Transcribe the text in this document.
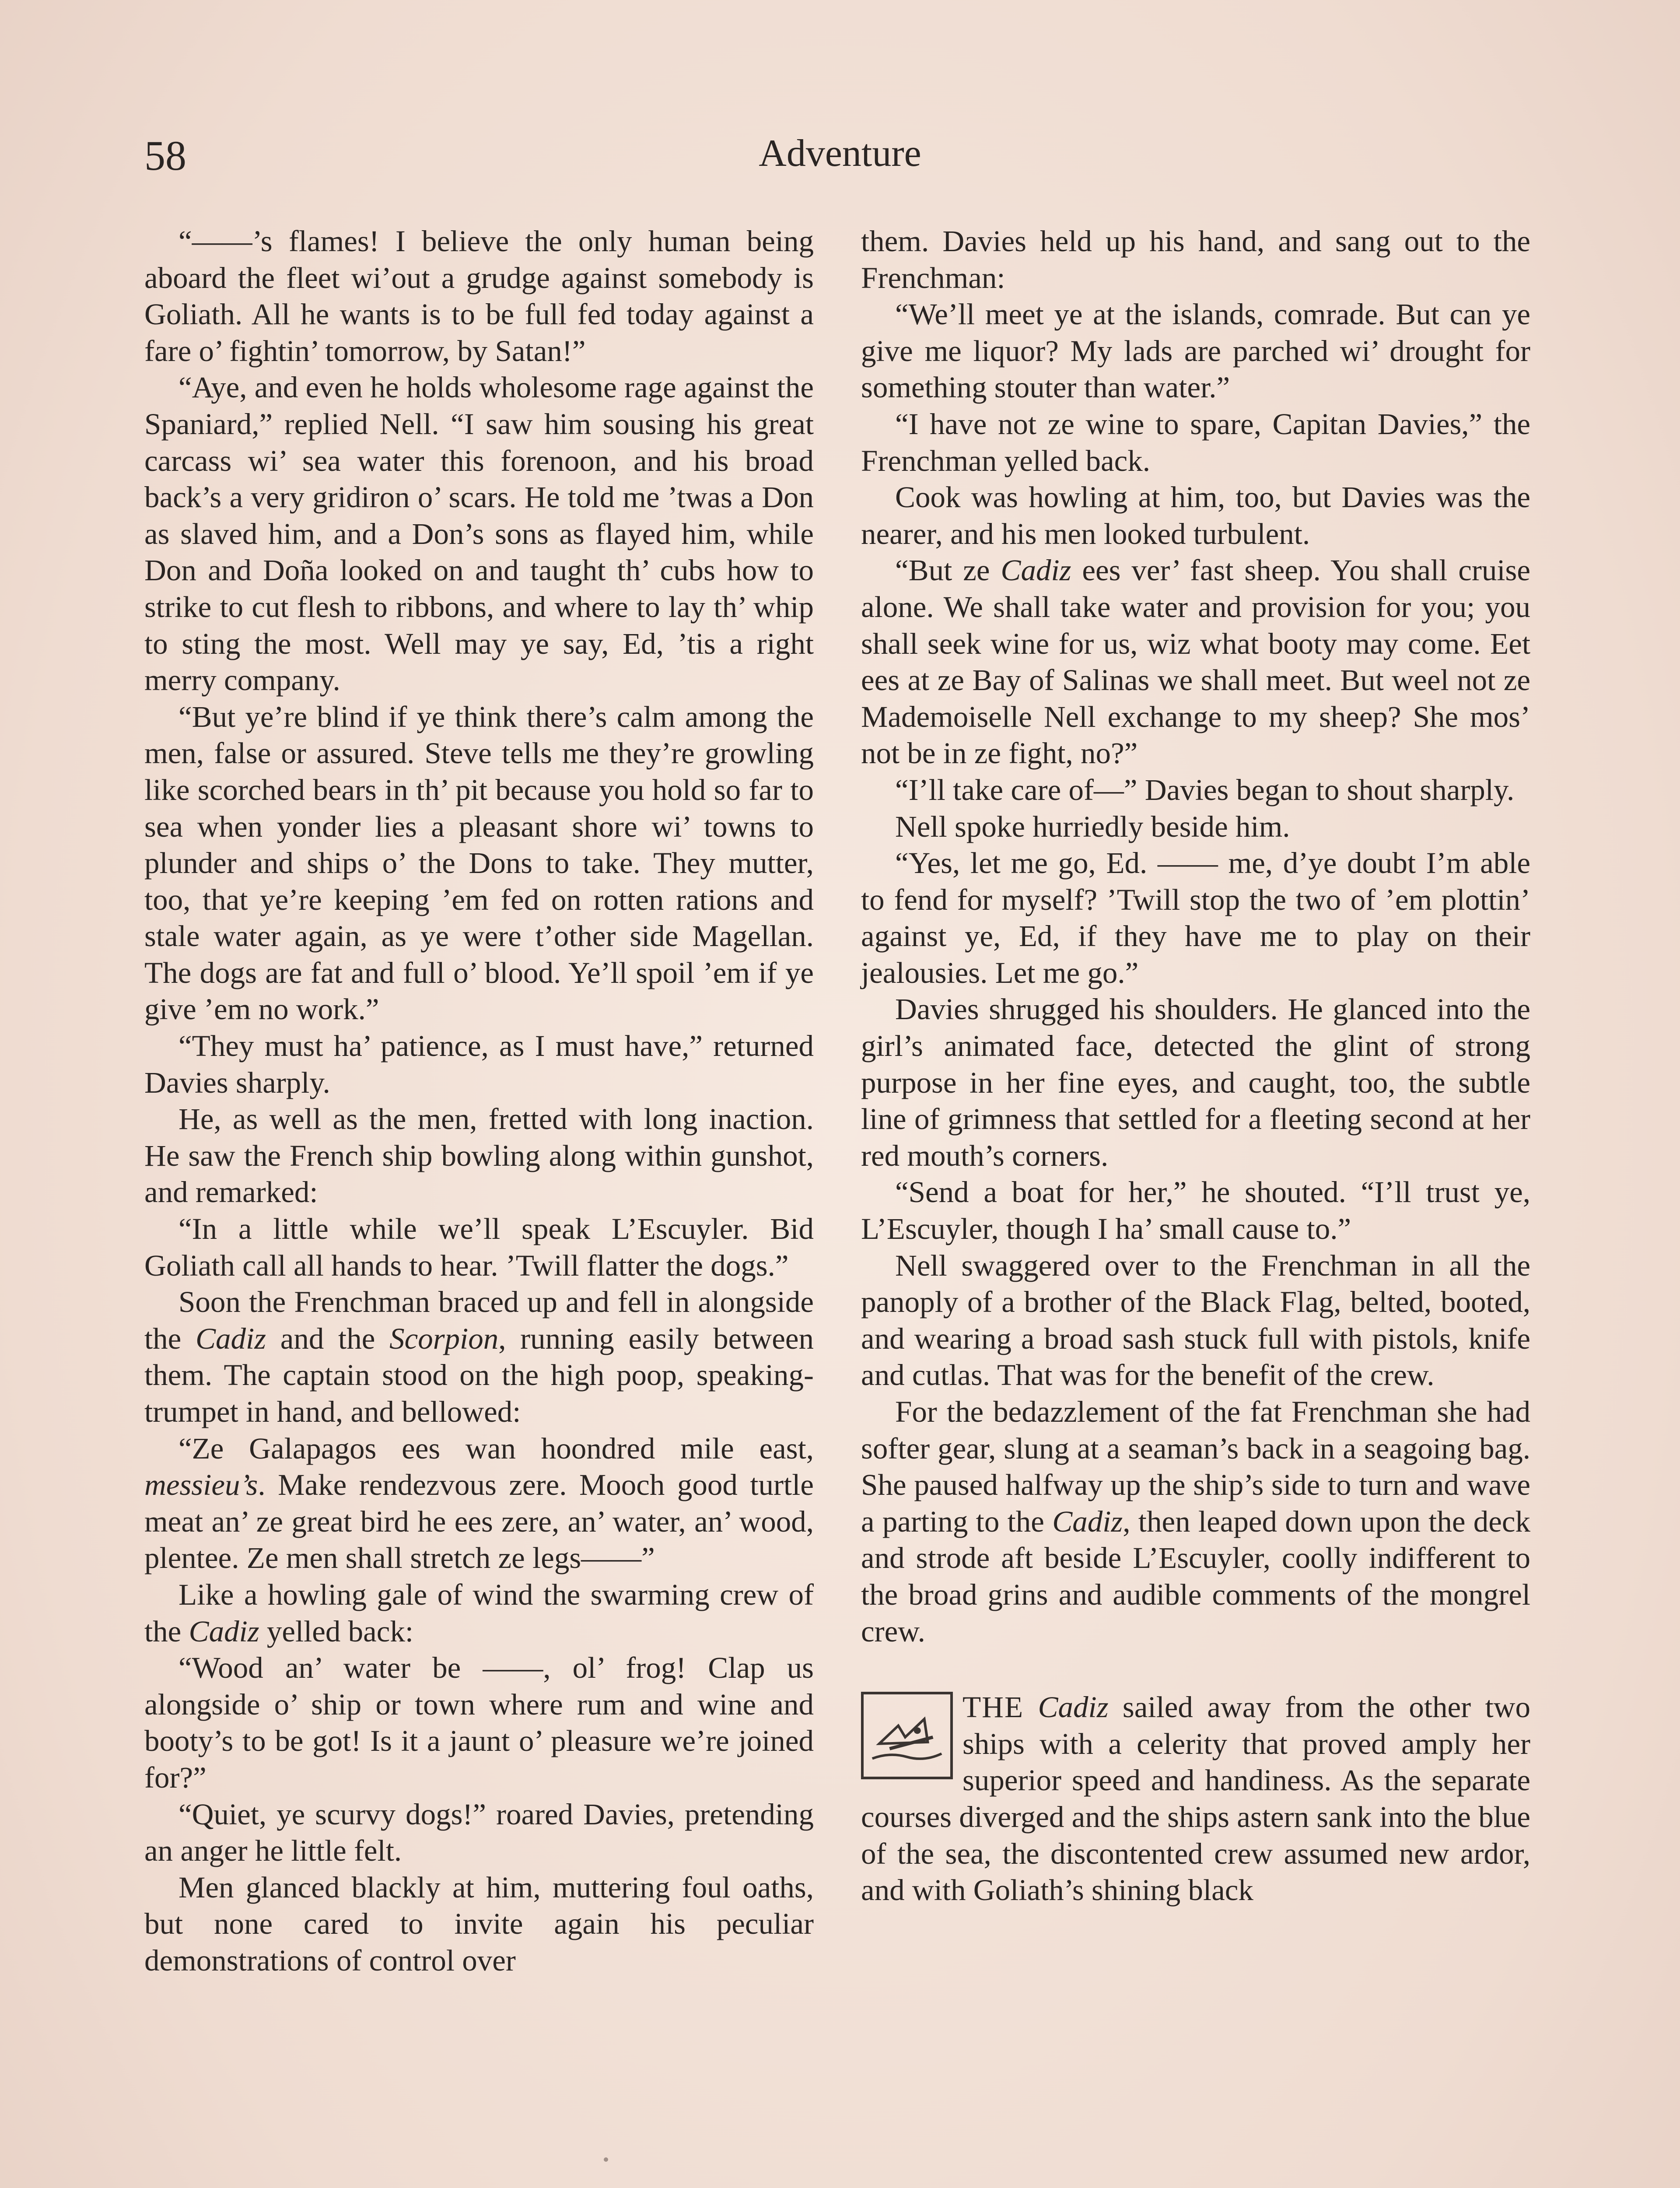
58	Adventure

“——’s flames! I believe the only human being aboard the fleet wi’out a grudge against somebody is Goliath. All he wants is to be full fed today against a fare o’ fightin’ tomorrow, by Satan!”

“Aye, and even he holds wholesome rage against the Spaniard,” replied Nell. “I saw him sousing his great carcass wi’ sea water this forenoon, and his broad back’s a very gridiron o’ scars. He told me ’twas a Don as slaved him, and a Don’s sons as flayed him, while Don and Doña looked on and taught th’ cubs how to strike to cut flesh to ribbons, and where to lay th’ whip to sting the most. Well may ye say, Ed, ’tis a right merry company.

“But ye’re blind if ye think there’s calm among the men, false or assured. Steve tells me they’re growling like scorched bears in th’ pit because you hold so far to sea when yonder lies a pleasant shore wi’ towns to plunder and ships o’ the Dons to take. They mutter, too, that ye’re keeping ’em fed on rotten rations and stale water again, as ye were t’other side Magellan. The dogs are fat and full o’ blood. Ye’ll spoil ’em if ye give ’em no work.”

“They must ha’ patience, as I must have,” returned Davies sharply.

He, as well as the men, fretted with long inaction. He saw the French ship bowling along within gunshot, and remarked:

“In a little while we’ll speak L’Escuyler. Bid Goliath call all hands to hear. ’Twill flatter the dogs.”

Soon the Frenchman braced up and fell in alongside the Cadiz and the Scorpion, running easily between them. The captain stood on the high poop, speaking-trumpet in hand, and bellowed:

“Ze Galapagos ees wan hoondred mile east, messieu’s. Make rendezvous zere. Mooch good turtle meat an’ ze great bird he ees zere, an’ water, an’ wood, plentee. Ze men shall stretch ze legs——”

Like a howling gale of wind the swarming crew of the Cadiz yelled back:

“Wood an’ water be ——, ol’ frog! Clap us alongside o’ ship or town where rum and wine and booty’s to be got! Is it a jaunt o’ pleasure we’re joined for?”

“Quiet, ye scurvy dogs!” roared Davies, pretending an anger he little felt.

Men glanced blackly at him, muttering foul oaths, but none cared to invite again his peculiar demonstrations of control over

them. Davies held up his hand, and sang out to the Frenchman:

“We’ll meet ye at the islands, comrade. But can ye give me liquor? My lads are parched wi’ drought for something stouter than water.”

“I have not ze wine to spare, Capitan Davies,” the Frenchman yelled back.

Cook was howling at him, too, but Davies was the nearer, and his men looked turbulent.

“But ze Cadiz ees ver’ fast sheep. You shall cruise alone. We shall take water and provision for you; you shall seek wine for us, wiz what booty may come. Eet ees at ze Bay of Salinas we shall meet. But weel not ze Mademoiselle Nell exchange to my sheep? She mos’ not be in ze fight, no?”

“I’ll take care of—” Davies began to shout sharply.

Nell spoke hurriedly beside him.

“Yes, let me go, Ed. —— me, d’ye doubt I’m able to fend for myself? ’Twill stop the two of ’em plottin’ against ye, Ed, if they have me to play on their jealousies. Let me go.”

Davies shrugged his shoulders. He glanced into the girl’s animated face, detected the glint of strong purpose in her fine eyes, and caught, too, the subtle line of grimness that settled for a fleeting second at her red mouth’s corners.

“Send a boat for her,” he shouted. “I’ll trust ye, L’Escuyler, though I ha’ small cause to.”

Nell swaggered over to the Frenchman in all the panoply of a brother of the Black Flag, belted, booted, and wearing a broad sash stuck full with pistols, knife and cutlas. That was for the benefit of the crew.

For the bedazzlement of the fat Frenchman she had softer gear, slung at a seaman’s back in a seagoing bag. She paused halfway up the ship’s side to turn and wave a parting to the Cadiz, then leaped down upon the deck and strode aft beside L’Escuyler, coolly indifferent to the broad grins and audible comments of the mongrel crew.

THE Cadiz sailed away from the other two ships with a celerity that proved amply her superior speed and handiness. As the separate courses diverged and the ships astern sank into the blue of the sea, the discontented crew assumed new ardor, and with Goliath’s shining black
